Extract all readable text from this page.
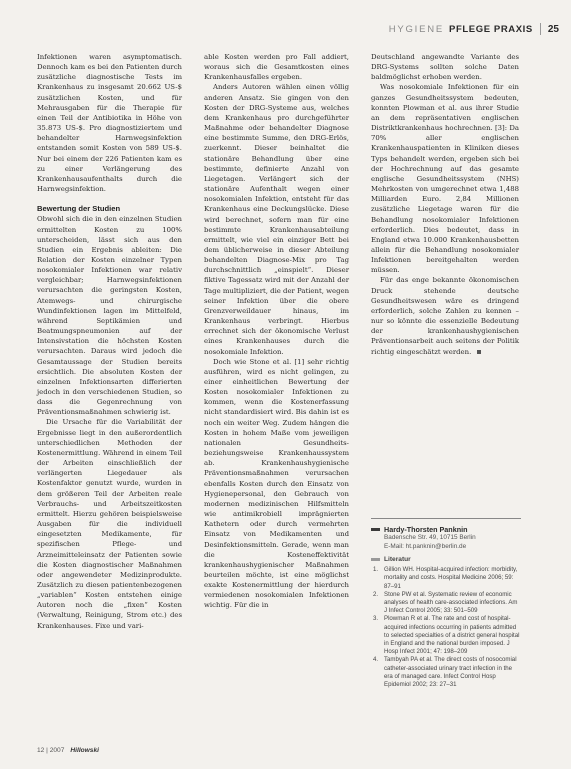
HYGIENE PFLEGE PRAXIS 25

Infektionen waren asymptomatisch. Dennoch kam es bei den Patienten durch zusätzliche diagnostische Tests im Krankenhaus zu insgesamt 20.662 US-$ zusätzlichen Kosten, und für Mehrausgaben für die Therapie für einen Teil der Antibiotika in Höhe von 35.873 US-$. Pro diagnostiziertem und behandelter Harnwegsinfektion entstanden somit Kosten von 589 US-$. Nur bei einem der 226 Patienten kam es zu einer Verlängerung des Krankenhausaufenthalts durch die Harnwegsinfektion.

Bewertung der Studien

Obwohl sich die in den einzelnen Studien ermittelten Kosten zu 100% unterscheiden, lässt sich aus den Studien ein Ergebnis ableiten: Die Relation der Kosten einzelner Typen nosokomialer Infektionen war relativ vergleichbar; Harnwegsinfektionen verursachten die geringsten Kosten, Atemwegs- und chirurgische Wundinfektionen lagen im Mittelfeld, während Septikämien und Beatmungspneumonien auf der Intensivstation die höchsten Kosten verursachten. Daraus wird jedoch die Gesamtaussage der Studien bereits ersichtlich. Die absoluten Kosten der einzelnen Infektionsarten differierten jedoch in den verschiedenen Studien, so dass die Gegenrechnung von Präventionsmaßnahmen schwierig ist.

Die Ursache für die Variabilität der Ergebnisse liegt in den außerordentlich unterschiedlichen Methoden der Kostenermittlung. Während in einem Teil der Arbeiten einschließlich der verlängerten Liegedauer als Kostenfaktor genutzt wurde, wurden in dem größeren Teil der Arbeiten reale Verbrauchs- und Arbeitszeitkosten ermittelt. Hierzu gehören beispielsweise Ausgaben für die individuell eingesetzten Medikamente, für spezifischen Pflege- und Arzneimitteleinsatz der Patienten sowie die Kosten diagnostischer Maßnahmen oder angewendeter Medizinprodukte. Zusätzlich zu diesen patientenbezogenen „variablen“ Kosten entstehen einige Autoren noch die „fixen“ Kosten (Verwaltung, Reinigung, Strom etc.) des Krankenhauses. Fixe und vari-

able Kosten werden pro Fall addiert, woraus sich die Gesamtkosten eines Krankenhausfalles ergeben.

Anders Autoren wählen einen völlig anderen Ansatz. Sie gingen von den Kosten der DRG-Systeme aus, welches dem Krankenhaus pro durchgeführter Maßnahme oder behandelter Diagnose eine bestimmte Summe, den DRG-Erlös, zuerkennt. Dieser beinhaltet die stationäre Behandlung über eine bestimmte, definierte Anzahl von Liegetagen. Verlängert sich der stationäre Aufenthalt wegen einer nosokomialen Infektion, entsteht für das Krankenhaus eine Deckungslücke. Diese wird berechnet, sofern man für eine bestimmte Krankenhausabteilung ermittelt, wie viel ein einziger Bett bei dem üblicherweise in dieser Abteilung behandelten Diagnose-Mix pro Tag durchschnittlich „einspielt“. Dieser fiktive Tagessatz wird mit der Anzahl der Tage multipliziert, die der Patient, wegen seiner Infektion über die obere Grenzverweildauer hinaus, im Krankenhaus verbringt. Hierbus errechnet sich der ökonomische Verlust eines Krankenhauses durch die nosokomiale Infektion.

Doch wie Stone et al. [1] sehr richtig ausführen, wird es nicht gelingen, zu einer einheitlichen Bewertung der Kosten nosokomialer Infektionen zu kommen, wenn die Kostenerfassung nicht standardisiert wird. Bis dahin ist es noch ein weiter Weg. Zudem hängen die Kosten in hohem Maße vom jeweiligen nationalen Gesundheits- beziehungsweise Krankenhaussystem ab. Krankenhaushygienische Präventionsmaßnahmen verursachen ebenfalls Kosten durch den Einsatz von Hygienepersonal, den Gebrauch von modernen medizinischen Hilfsmitteln wie antimikrobiell imprägnierten Kathetern oder durch vermehrten Einsatz von Medikamenten und Desinfektionsmitteln. Gerade, wenn man die Kosteneffektivität krankenhaushygienischer Maßnahmen beurteilen möchte, ist eine möglichst exakte Kostenermittlung der hierdurch vermiedenen nosokomialen Infektionen wichtig. Für die in

Deutschland angewandte Variante des DRG-Systems sollten solche Daten baldmöglichst erhoben werden.

Was nosokomiale Infektionen für ein ganzes Gesundheitssystem bedeuten, konnten Plowman et al. aus ihrer Studie an dem repräsentativen englischen Distriktkrankenhaus hochrechnen. [3]: Da 70% aller englischen Krankenhauspatienten in Kliniken dieses Typs behandelt werden, ergeben sich bei der Hochrechnung auf das gesamte englische Gesundheitssystem (NHS) Mehrkosten von umgerechnet etwa 1,488 Milliarden Euro. 2,84 Millionen zusätzliche Liegetage waren für die Behandlung nosokomialer Infektionen erforderlich. Dies bedeutet, dass in England etwa 10.000 Krankenhausbetten allein für die Behandlung nosokomialer Infektionen bereitgehalten werden müssen.

Für das enge bekannte ökonomischen Druck stehende deutsche Gesundheitswesen wäre es dringend erforderlich, solche Zahlen zu kennen – nur so könnte die essenzielle Bedeutung der krankenhaushygienischen Präventionsarbeit auch seitens der Politik richtig eingeschätzt werden.

Hardy-Thorsten Panknin
Badensche Str. 49, 10715 Berlin
E-Mail: ht.panknin@berlin.de
Literatur
1. Gillion WH. Hospital-acquired infection: morbidity, mortality and costs. Hospital Medicine 2006; 59: 87–91
2. Stone PW et al. Systematic review of economic analyses of health care-associated infections. Am J Infect Control 2005; 33: 501–509
3. Plowman R et al. The rate and cost of hospital-acquired infections occurring in patients admitted to selected specialties of a district general hospital in England and the national burden imposed. J Hosp Infect 2001; 47: 198–209
4. Tambyah PA et al. The direct costs of nosocomial catheter-associated urinary tract infection in the era of managed care. Infect Control Hosp Epidemiol 2002; 23: 27–31
12 | 2007 Hillowski
